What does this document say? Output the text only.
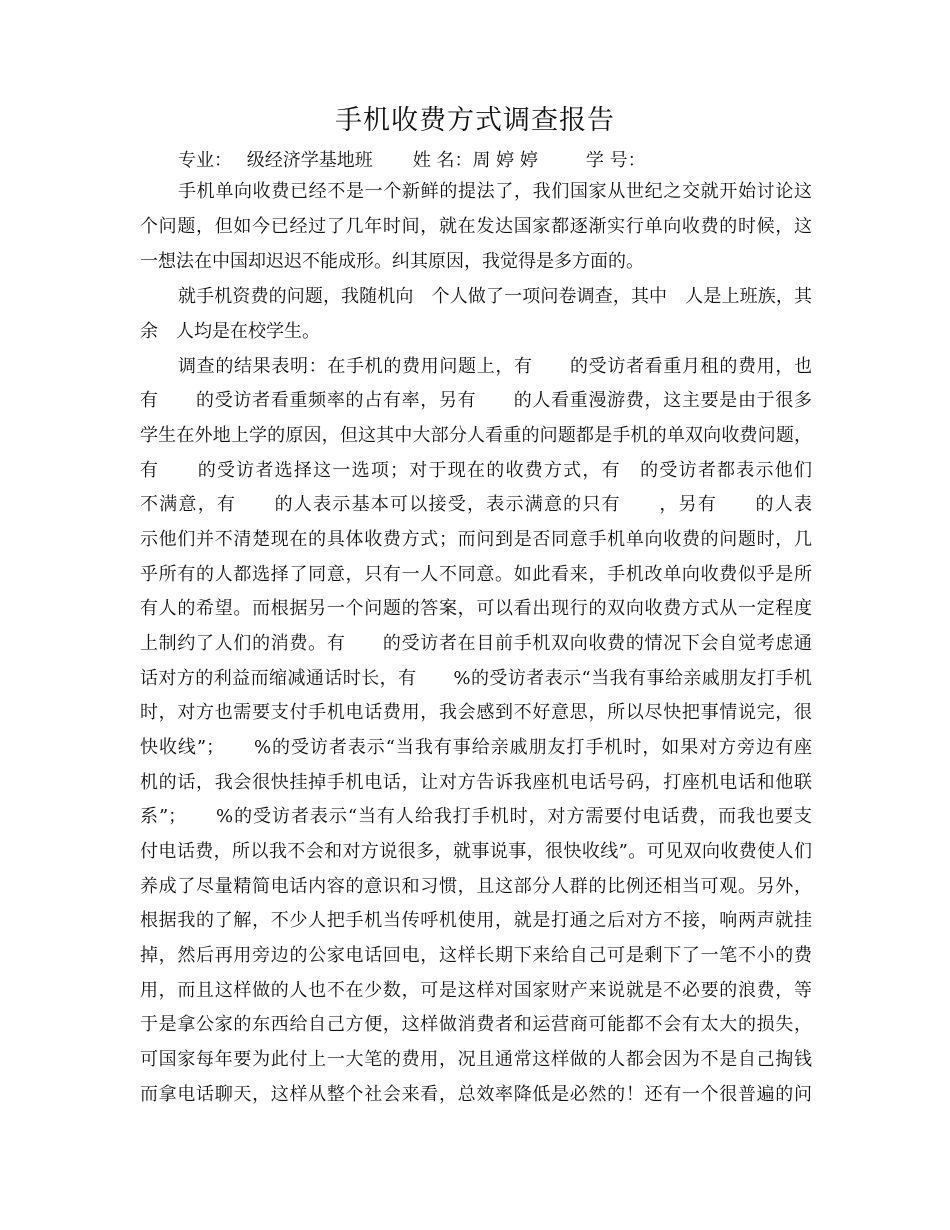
手机收费方式调查报告
专业：　 级经济学基地班 姓 名：周 婷 婷	学 号：
手机单向收费已经不是一个新鲜的提法了，我们国家从世纪之交就开始讨论这
个问题，但如今已经过了几年时间，就在发达国家都逐渐实行单向收费的时候，这
一想法在中国却迟迟不能成形。纠其原因，我觉得是多方面的。
就手机资费的问题，我随机向　个人做了一项问卷调查，其中　人是上班族，其
余　人均是在校学生。
调查的结果表明：在手机的费用问题上，有　　的受访者看重月租的费用，也
有　　的受访者看重频率的占有率，另有　　的人看重漫游费，这主要是由于很多
学生在外地上学的原因，但这其中大部分人看重的问题都是手机的单双向收费问题，
有　　的受访者选择这一选项；对于现在的收费方式，有　的受访者都表示他们
不满意，有　　的人表示基本可以接受，表示满意的只有　　，另有　　的人表
示他们并不清楚现在的具体收费方式；而问到是否同意手机单向收费的问题时，几
乎所有的人都选择了同意，只有一人不同意。如此看来，手机改单向收费似乎是所
有人的希望。而根据另一个问题的答案，可以看出现行的双向收费方式从一定程度
上制约了人们的消费。有　　的受访者在目前手机双向收费的情况下会自觉考虑通
话对方的利益而缩减通话时长，有　　%的受访者表示“当我有事给亲戚朋友打手机
时，对方也需要支付手机电话费用，我会感到不好意思，所以尽快把事情说完，很
快收线”；　　%的受访者表示“当我有事给亲戚朋友打手机时，如果对方旁边有座
机的话，我会很快挂掉手机电话，让对方告诉我座机电话号码，打座机电话和他联
系”；　　%的受访者表示“当有人给我打手机时，对方需要付电话费，而我也要支
付电话费，所以我不会和对方说很多，就事说事，很快收线”。可见双向收费使人们
养成了尽量精简电话内容的意识和习惯，且这部分人群的比例还相当可观。另外，
根据我的了解，不少人把手机当传呼机使用，就是打通之后对方不接，响两声就挂
掉，然后再用旁边的公家电话回电，这样长期下来给自己可是剩下了一笔不小的费
用，而且这样做的人也不在少数，可是这样对国家财产来说就是不必要的浪费，等
于是拿公家的东西给自己方便，这样做消费者和运营商可能都不会有太大的损失，
可国家每年要为此付上一大笔的费用，况且通常这样做的人都会因为不是自己掏钱
而拿电话聊天，这样从整个社会来看，总效率降低是必然的！还有一个很普遍的问
